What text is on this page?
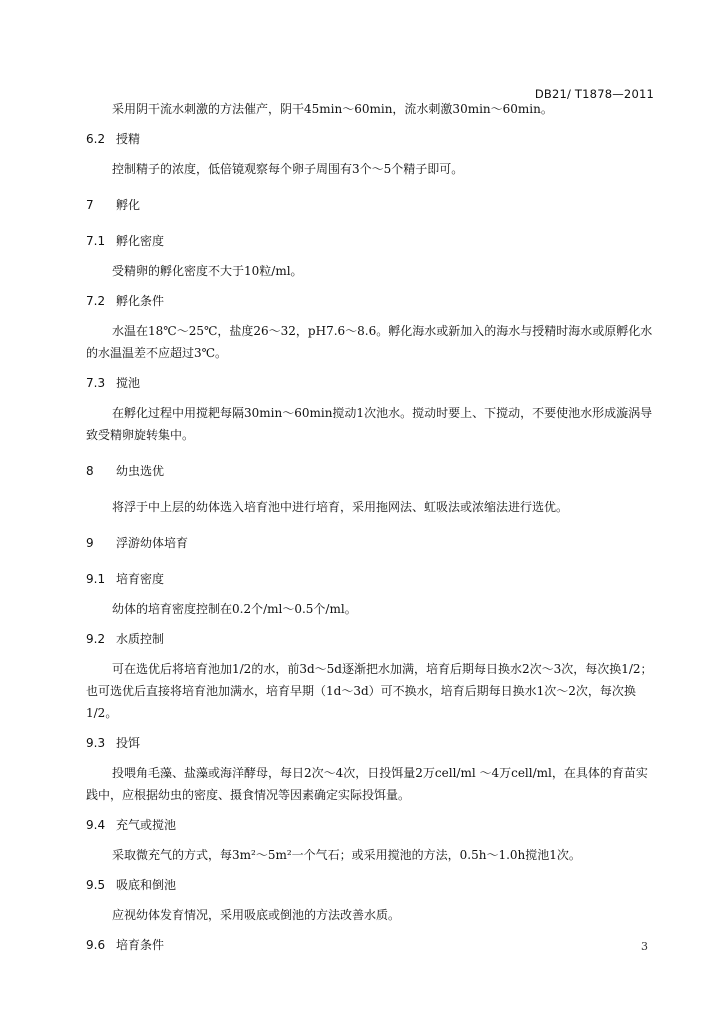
DB21/ T1878—2011

采用阴干流水刺激的方法催产，阴干45min～60min，流水刺激30min～60min。

6.2 授精

控制精子的浓度，低倍镜观察每个卵子周围有3个～5个精子即可。

7 孵化

7.1 孵化密度

受精卵的孵化密度不大于10粒/ml。

7.2 孵化条件

水温在18℃～25℃，盐度26～32，pH7.6～8.6。孵化海水或新加入的海水与授精时海水或原孵化水的水温温差不应超过3℃。

7.3 搅池

在孵化过程中用搅耙每隔30min～60min搅动1次池水。搅动时要上、下搅动，不要使池水形成漩涡导致受精卵旋转集中。

8 幼虫选优

将浮于中上层的幼体选入培育池中进行培育，采用拖网法、虹吸法或浓缩法进行选优。

9 浮游幼体培育

9.1 培育密度

幼体的培育密度控制在0.2个/ml～0.5个/ml。

9.2 水质控制

可在选优后将培育池加1/2的水，前3d～5d逐渐把水加满，培育后期每日换水2次～3次，每次换1/2；也可选优后直接将培育池加满水，培育早期（1d～3d）可不换水，培育后期每日换水1次～2次，每次换1/2。

9.3 投饵

投喂角毛藻、盐藻或海洋酵母，每日2次～4次，日投饵量2万cell/ml ～4万cell/ml，在具体的育苗实践中，应根据幼虫的密度、摄食情况等因素确定实际投饵量。

9.4 充气或搅池

采取微充气的方式，每3m²～5m²一个气石；或采用搅池的方法，0.5h～1.0h搅池1次。

9.5 吸底和倒池

应视幼体发育情况，采用吸底或倒池的方法改善水质。

9.6 培育条件	3
